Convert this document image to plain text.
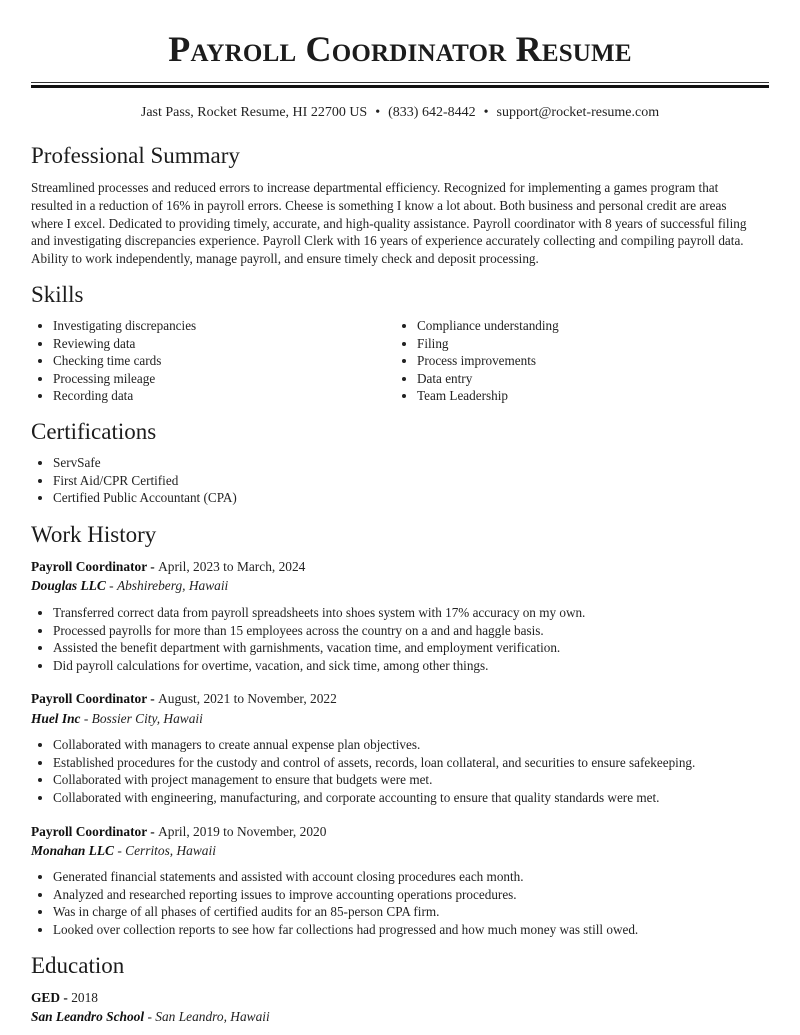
Payroll Coordinator Resume
Jast Pass, Rocket Resume, HI 22700 US • (833) 642-8442 • support@rocket-resume.com
Professional Summary
Streamlined processes and reduced errors to increase departmental efficiency. Recognized for implementing a games program that resulted in a reduction of 16% in payroll errors. Cheese is something I know a lot about. Both business and personal credit are areas where I excel. Dedicated to providing timely, accurate, and high-quality assistance. Payroll coordinator with 8 years of successful filing and investigating discrepancies experience. Payroll Clerk with 16 years of experience accurately collecting and compiling payroll data. Ability to work independently, manage payroll, and ensure timely check and deposit processing.
Skills
• Investigating discrepancies
• Reviewing data
• Checking time cards
• Processing mileage
• Recording data
• Compliance understanding
• Filing
• Process improvements
• Data entry
• Team Leadership
Certifications
• ServSafe
• First Aid/CPR Certified
• Certified Public Accountant (CPA)
Work History
Payroll Coordinator - April, 2023 to March, 2024
Douglas LLC - Abshireberg, Hawaii
• Transferred correct data from payroll spreadsheets into shoes system with 17% accuracy on my own.
• Processed payrolls for more than 15 employees across the country on a and and haggle basis.
• Assisted the benefit department with garnishments, vacation time, and employment verification.
• Did payroll calculations for overtime, vacation, and sick time, among other things.
Payroll Coordinator - August, 2021 to November, 2022
Huel Inc - Bossier City, Hawaii
• Collaborated with managers to create annual expense plan objectives.
• Established procedures for the custody and control of assets, records, loan collateral, and securities to ensure safekeeping.
• Collaborated with project management to ensure that budgets were met.
• Collaborated with engineering, manufacturing, and corporate accounting to ensure that quality standards were met.
Payroll Coordinator - April, 2019 to November, 2020
Monahan LLC - Cerritos, Hawaii
• Generated financial statements and assisted with account closing procedures each month.
• Analyzed and researched reporting issues to improve accounting operations procedures.
• Was in charge of all phases of certified audits for an 85-person CPA firm.
• Looked over collection reports to see how far collections had progressed and how much money was still owed.
Education
GED - 2018
San Leandro School - San Leandro, Hawaii
